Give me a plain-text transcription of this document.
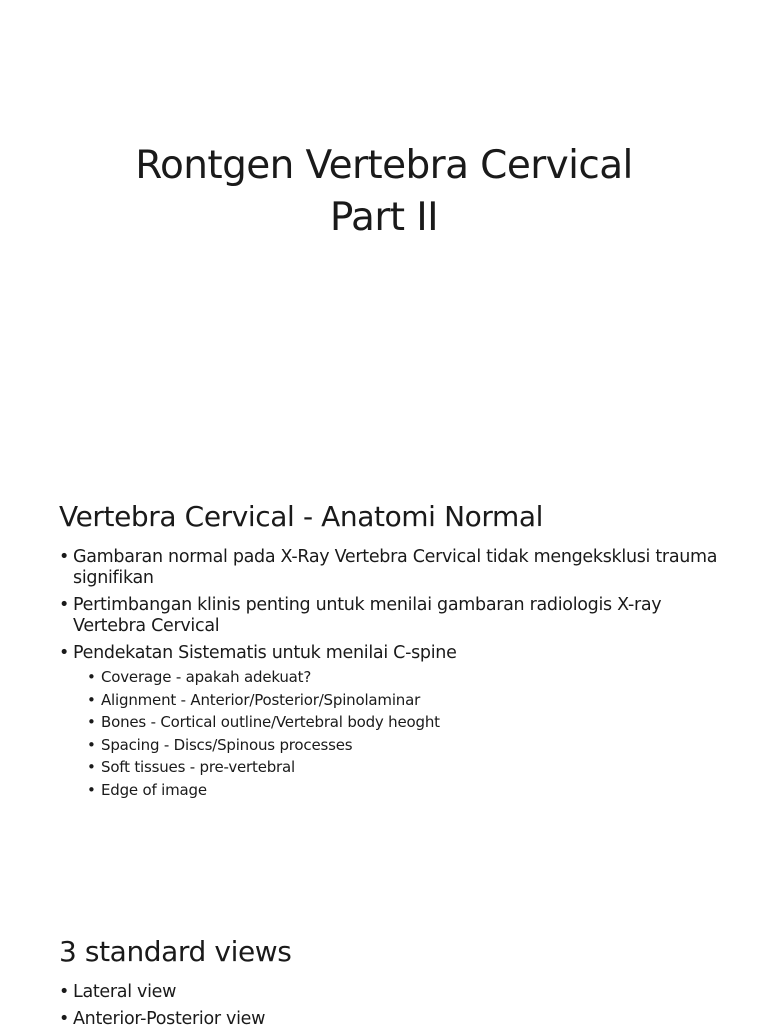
Rontgen Vertebra Cervical
Part II
Vertebra Cervical - Anatomi Normal
• Gambaran normal pada X-Ray Vertebra Cervical tidak mengeksklusi trauma signifikan
• Pertimbangan klinis penting untuk menilai gambaran radiologis X-ray Vertebra Cervical
• Pendekatan Sistematis untuk menilai C-spine
• Coverage - apakah adekuat?
• Alignment - Anterior/Posterior/Spinolaminar
• Bones - Cortical outline/Vertebral body heoght
• Spacing - Discs/Spinous processes
• Soft tissues - pre-vertebral
• Edge of image
3 standard views
• Lateral view
• Anterior-Posterior view
